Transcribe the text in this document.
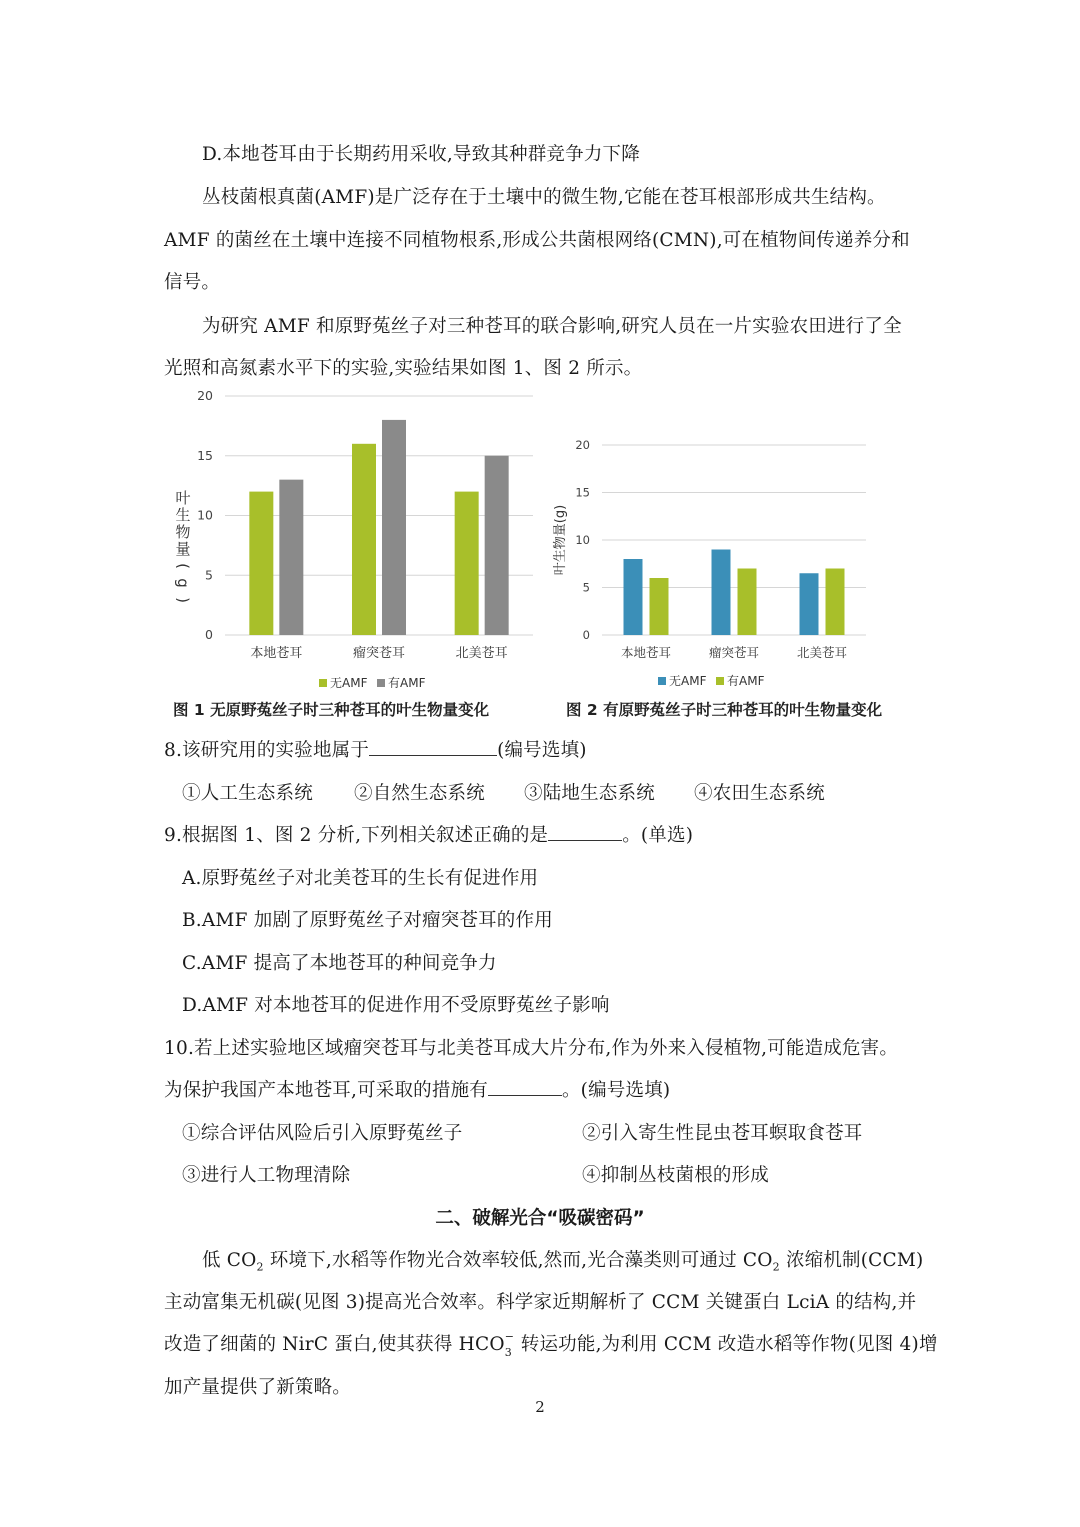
D.本地苍耳由于长期药用采收,导致其种群竞争力下降
丛枝菌根真菌(AMF)是广泛存在于土壤中的微生物,它能在苍耳根部形成共生结构。
AMF 的菌丝在土壤中连接不同植物根系,形成公共菌根网络(CMN),可在植物间传递养分和
信号。
为研究 AMF 和原野菟丝子对三种苍耳的联合影响,研究人员在一片实验农田进行了全
光照和高氮素水平下的实验,实验结果如图 1、图 2 所示。
0
5
10
15
20
本地苍耳	瘤突苍耳	北美苍耳
叶
生
物
量
(
g
)
无AMF 有AMF
图 1 无原野菟丝子时三种苍耳的叶生物量变化
0
5
10
15
20
本地苍耳	瘤突苍耳	北美苍耳
叶生物量(g)
无AMF 有AMF
图 2 有原野菟丝子时三种苍耳的叶生物量变化
8.该研究用的实验地属于	(编号选填)
①人工生态系统 ②自然生态系统 ③陆地生态系统 ④农田生态系统
9.根据图 1、图 2 分析,下列相关叙述正确的是	。(单选)
A.原野菟丝子对北美苍耳的生长有促进作用
B.AMF 加剧了原野菟丝子对瘤突苍耳的作用
C.AMF 提高了本地苍耳的种间竞争力
D.AMF 对本地苍耳的促进作用不受原野菟丝子影响
10.若上述实验地区域瘤突苍耳与北美苍耳成大片分布,作为外来入侵植物,可能造成危害。
为保护我国产本地苍耳,可采取的措施有	。(编号选填)
①综合评估风险后引入原野菟丝子	②引入寄生性昆虫苍耳螟取食苍耳
③进行人工物理清除	④抑制丛枝菌根的形成
二、破解光合“吸碳密码”
低 $CO_2$ 环境下,水稻等作物光合效率较低,然而,光合藻类则可通过 $CO_2$ 浓缩机制(CCM)
主动富集无机碳(见图 3)提高光合效率。科学家近期解析了 CCM 关键蛋白 LciA 的结构,并
改造了细菌的 NirC 蛋白,使其获得 HCO −
3 转运功能,为利用 CCM 改造水稻等作物(见图 4)增
加产量提供了新策略。
2
